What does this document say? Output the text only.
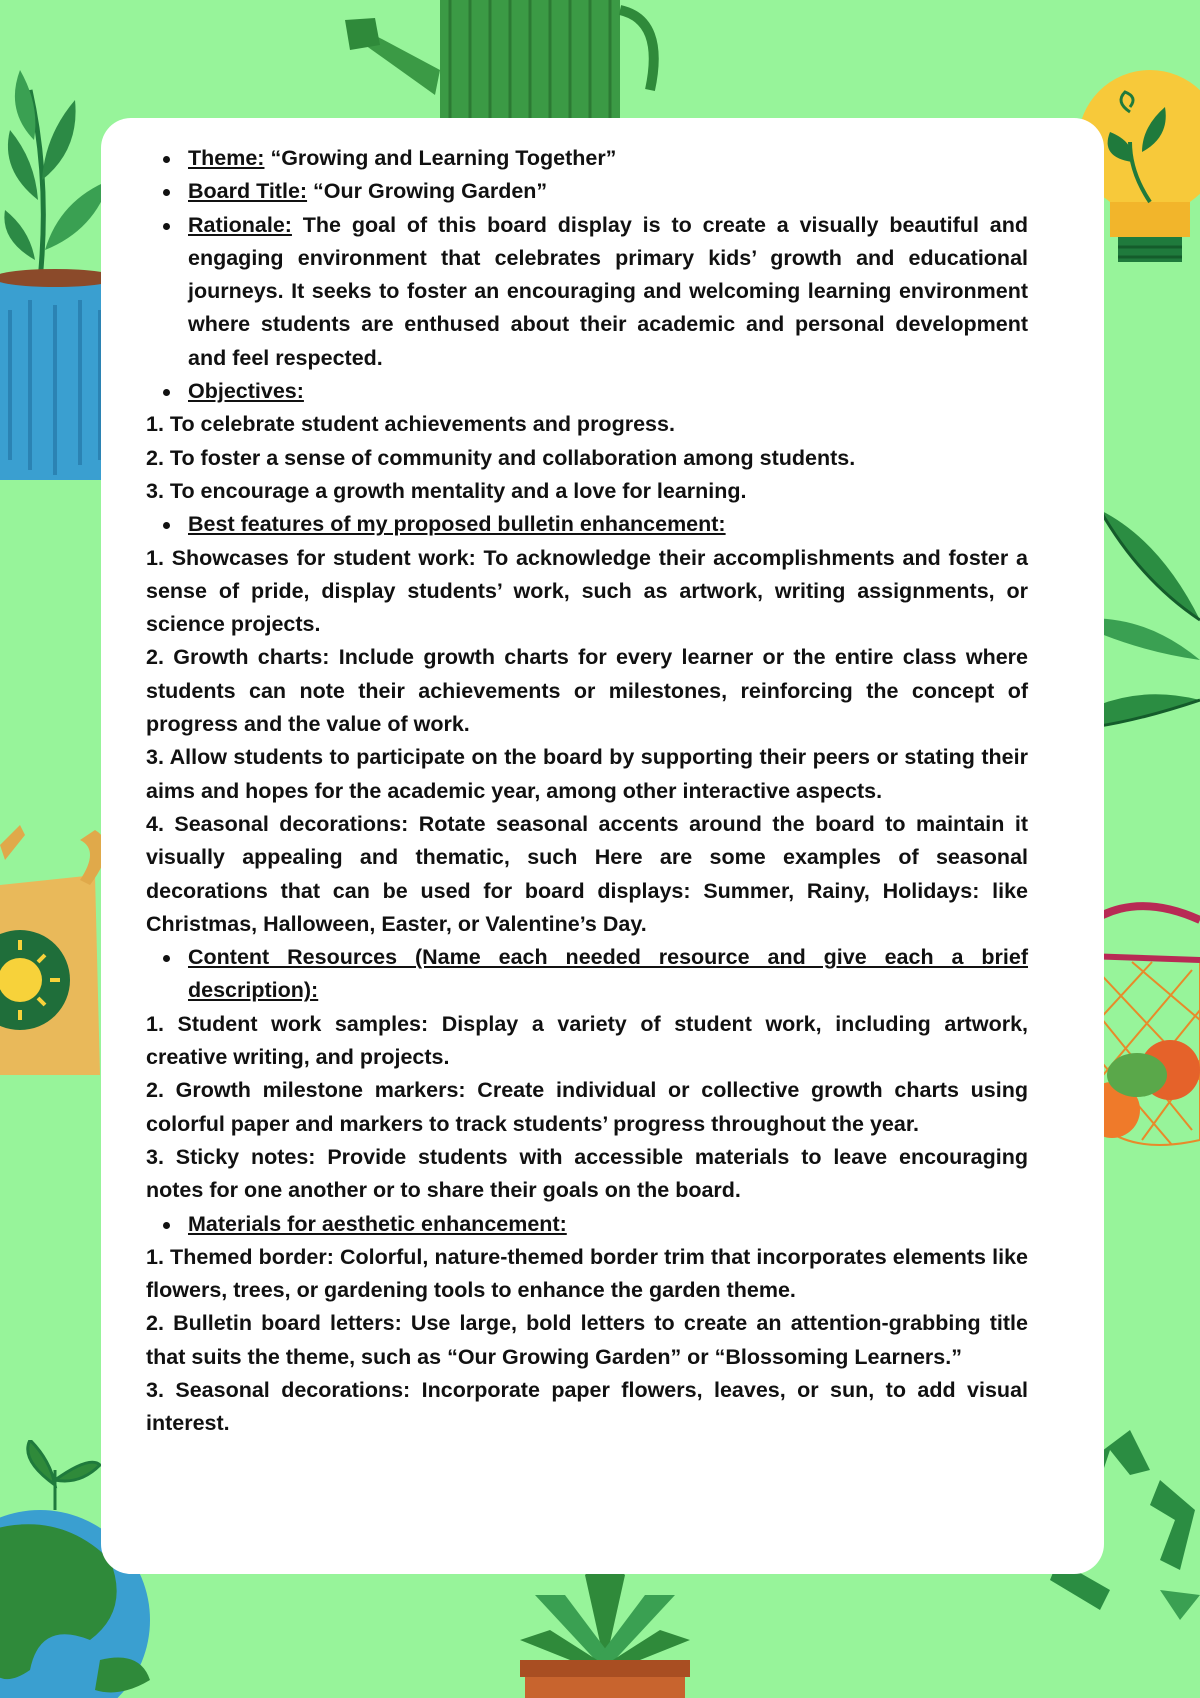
Theme: “Growing and Learning Together”

Board Title: “Our Growing Garden”

Rationale: The goal of this board display is to create a visually beautiful and engaging environment that celebrates primary kids’ growth and educational journeys. It seeks to foster an encouraging and welcoming learning environment where students are enthused about their academic and personal development and feel respected.

Objectives:

1. To celebrate student achievements and progress.

2. To foster a sense of community and collaboration among students.

3. To encourage a growth mentality and a love for learning.

Best features of my proposed bulletin enhancement:

1. Showcases for student work: To acknowledge their accomplishments and foster a sense of pride, display students’ work, such as artwork, writing assignments, or science projects.

2. Growth charts: Include growth charts for every learner or the entire class where students can note their achievements or milestones, reinforcing the concept of progress and the value of work.

3. Allow students to participate on the board by supporting their peers or stating their aims and hopes for the academic year, among other interactive aspects.

4. Seasonal decorations: Rotate seasonal accents around the board to maintain it visually appealing and thematic, such Here are some examples of seasonal decorations that can be used for board displays: Summer, Rainy, Holidays: like Christmas, Halloween, Easter, or Valentine’s Day.

Content Resources (Name each needed resource and give each a brief description):

1. Student work samples: Display a variety of student work, including artwork, creative writing, and projects.

2. Growth milestone markers: Create individual or collective growth charts using colorful paper and markers to track students’ progress throughout the year.

3. Sticky notes: Provide students with accessible materials to leave encouraging notes for one another or to share their goals on the board.

Materials for aesthetic enhancement:

1. Themed border: Colorful, nature-themed border trim that incorporates elements like flowers, trees, or gardening tools to enhance the garden theme.

2. Bulletin board letters: Use large, bold letters to create an attention-grabbing title that suits the theme, such as “Our Growing Garden” or “Blossoming Learners.”

3. Seasonal decorations: Incorporate paper flowers, leaves, or sun, to add visual interest.
